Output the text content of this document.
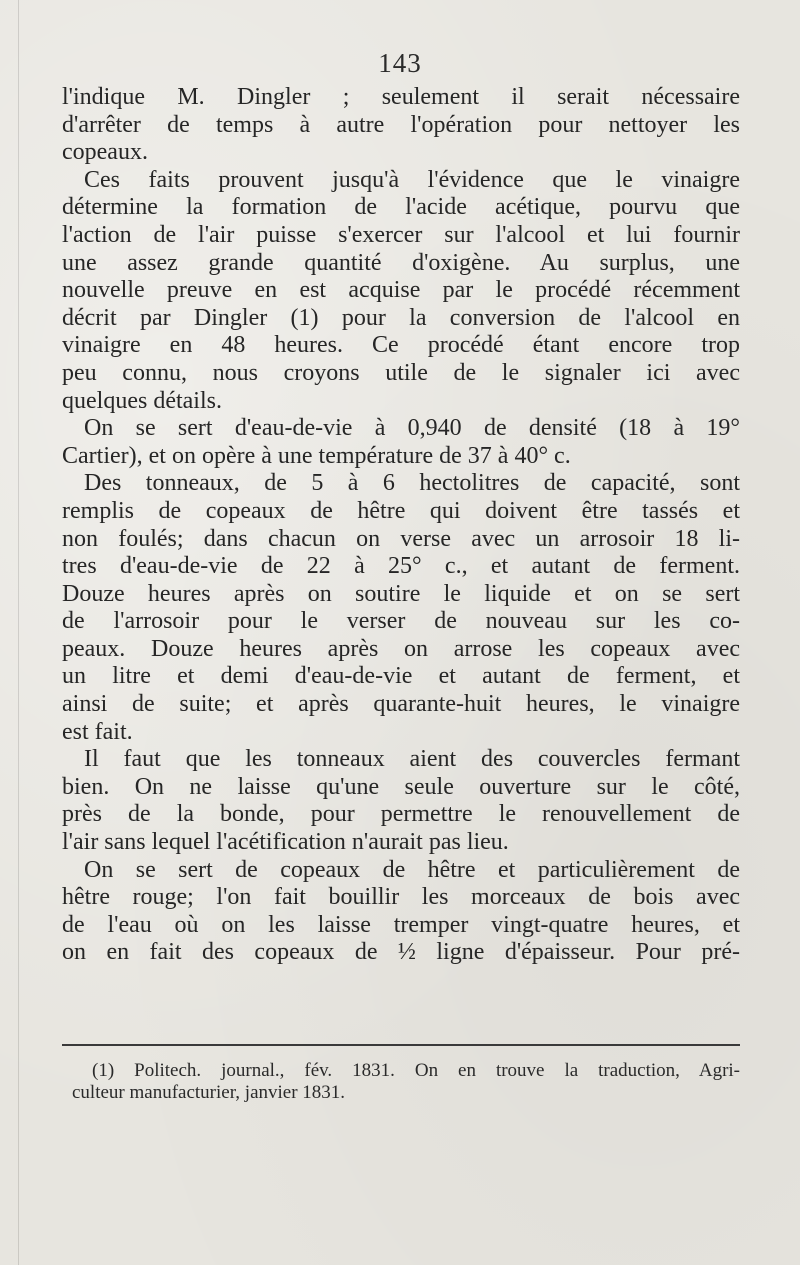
143
l'indique M. Dingler ; seulement il serait nécessaire
d'arrêter de temps à autre l'opération pour nettoyer les
copeaux.
Ces faits prouvent jusqu'à l'évidence que le vinaigre
détermine la formation de l'acide acétique, pourvu que
l'action de l'air puisse s'exercer sur l'alcool et lui fournir
une assez grande quantité d'oxigène. Au surplus, une
nouvelle preuve en est acquise par le procédé récemment
décrit par Dingler (1) pour la conversion de l'alcool en
vinaigre en 48 heures. Ce procédé étant encore trop
peu connu, nous croyons utile de le signaler ici avec
quelques détails.
On se sert d'eau-de-vie à 0,940 de densité (18 à 19°
Cartier), et on opère à une température de 37 à 40° c.
Des tonneaux, de 5 à 6 hectolitres de capacité, sont
remplis de copeaux de hêtre qui doivent être tassés et
non foulés; dans chacun on verse avec un arrosoir 18 li-
tres d'eau-de-vie de 22 à 25° c., et autant de ferment.
Douze heures après on soutire le liquide et on se sert
de l'arrosoir pour le verser de nouveau sur les co-
peaux. Douze heures après on arrose les copeaux avec
un litre et demi d'eau-de-vie et autant de ferment, et
ainsi de suite; et après quarante-huit heures, le vinaigre
est fait.
Il faut que les tonneaux aient des couvercles fermant
bien. On ne laisse qu'une seule ouverture sur le côté,
près de la bonde, pour permettre le renouvellement de
l'air sans lequel l'acétification n'aurait pas lieu.
On se sert de copeaux de hêtre et particulièrement de
hêtre rouge; l'on fait bouillir les morceaux de bois avec
de l'eau où on les laisse tremper vingt-quatre heures, et
on en fait des copeaux de ½ ligne d'épaisseur. Pour pré-
(1) Politech. journal., fév. 1831. On en trouve la traduction, Agri-
culteur manufacturier, janvier 1831.
